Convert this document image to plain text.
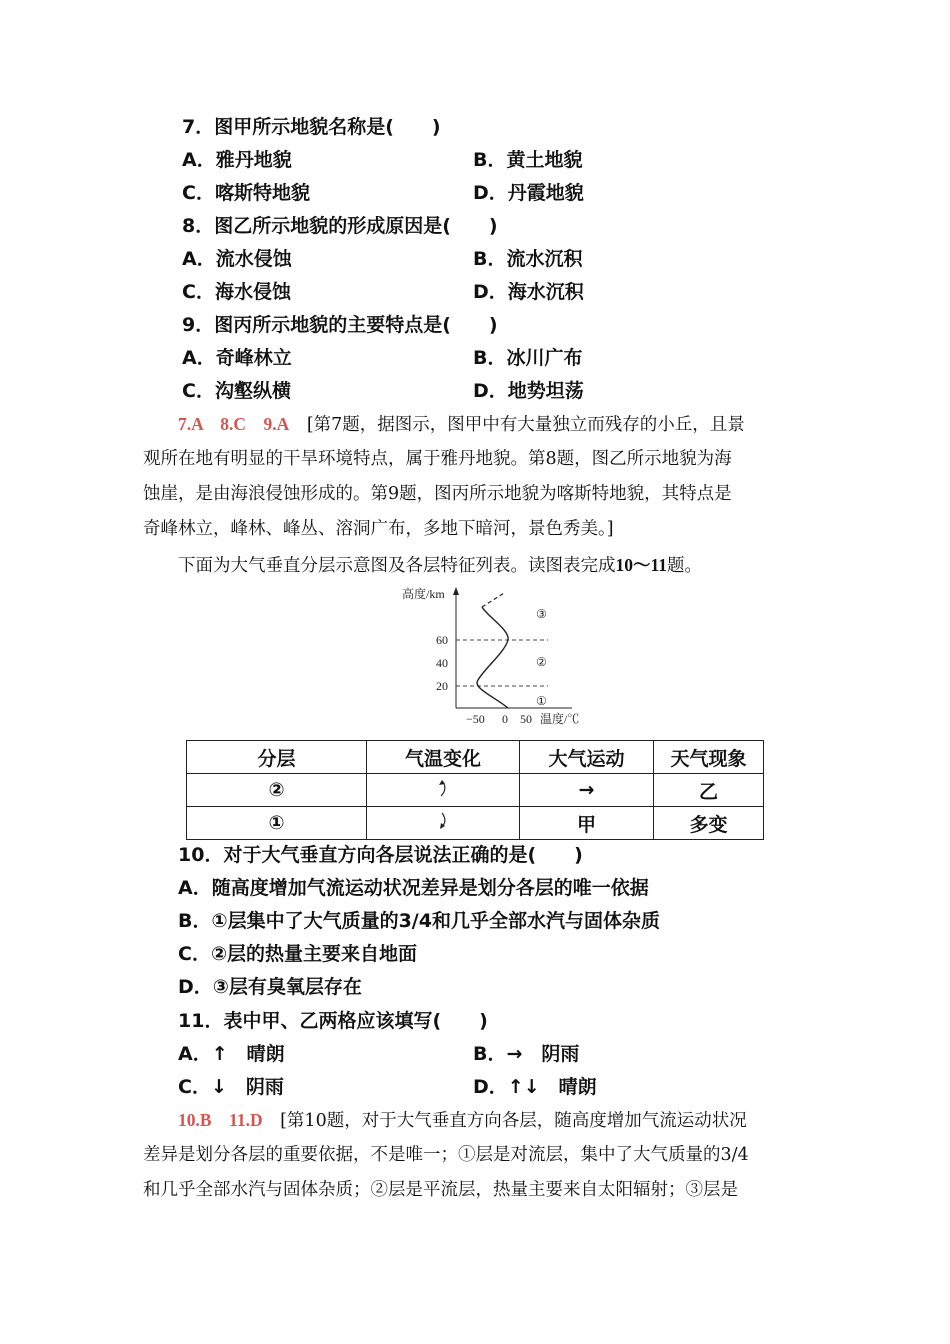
7．图甲所示地貌名称是(　　)
A．雅丹地貌	B．黄土地貌
C．喀斯特地貌	D．丹霞地貌
8．图乙所示地貌的形成原因是(　　)
A．流水侵蚀	B．流水沉积
C．海水侵蚀	D．海水沉积
9．图丙所示地貌的主要特点是(　　)
A．奇峰林立	B．冰川广布
C．沟壑纵横	D．地势坦荡
7.A　8.C　9.A　 [第7题，据图示，图甲中有大量独立而残存的小丘，且景
观所在地有明显的干旱环境特点，属于雅丹地貌。第8题，图乙所示地貌为海
蚀崖，是由海浪侵蚀形成的。第9题，图丙所示地貌为喀斯特地貌，其特点是
奇峰林立，峰林、峰丛、溶洞广布，多地下暗河，景色秀美。]
下面为大气垂直分层示意图及各层特征列表。读图表完成10～11题。
高度/km
60
40
20
③
②
①
−50 0 50 温度/℃
分层	气温变化	大气运动	天气现象
②		→	乙
①		甲	多变
10．对于大气垂直方向各层说法正确的是(　　)
A．随高度增加气流运动状况差异是划分各层的唯一依据
B．①层集中了大气质量的3/4和几乎全部水汽与固体杂质
C．②层的热量主要来自地面
D．③层有臭氧层存在
11．表中甲、乙两格应该填写(　　)
A．↑　晴朗	B．→　阴雨
C．↓　阴雨	D．↑↓　晴朗
10.B　11.D　 [第10题，对于大气垂直方向各层，随高度增加气流运动状况
差异是划分各层的重要依据，不是唯一；①层是对流层，集中了大气质量的3/4
和几乎全部水汽与固体杂质；②层是平流层，热量主要来自太阳辐射；③层是
